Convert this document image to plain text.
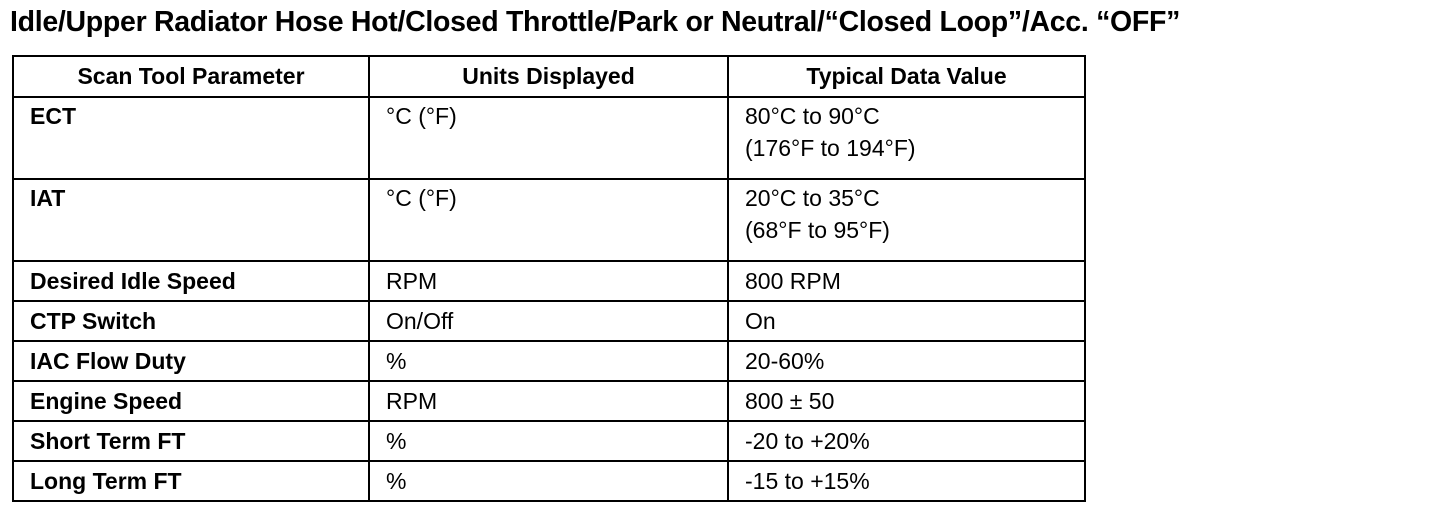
Idle/Upper Radiator Hose Hot/Closed Throttle/Park or Neutral/“Closed Loop”/Acc. “OFF”
Scan Tool Parameter	Units Displayed	Typical Data Value
ECT	°C (°F)	80°C to 90°C
(176°F to 194°F)

IAT	°C (°F)	20°C to 35°C
(68°F to 95°F)

Desired Idle Speed	RPM	800 RPM
CTP Switch	On/Off	On
IAC Flow Duty	%	20-60%
Engine Speed	RPM	800 ± 50
Short Term FT	%	-20 to +20%
Long Term FT	%	-15 to +15%
